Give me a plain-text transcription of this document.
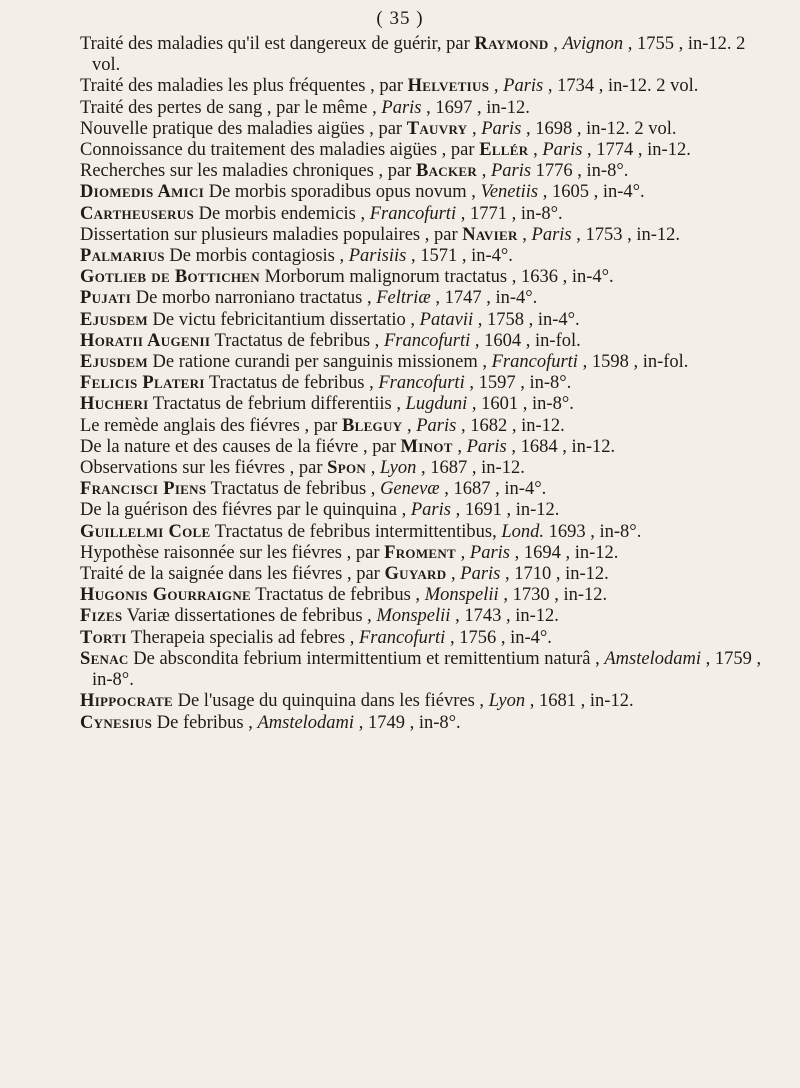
( 35 )
Traité des maladies qu'il est dangereux de guérir, par Raymond , Avignon , 1755 , in-12. 2 vol.
Traité des maladies les plus fréquentes , par Helvetius , Paris , 1734 , in-12. 2 vol.
Traité des pertes de sang , par le même , Paris , 1697 , in-12.
Nouvelle pratique des maladies aigües , par Tauvry , Paris , 1698 , in-12. 2 vol.
Connoissance du traitement des maladies aigües , par Ellér , Paris , 1774 , in-12.
Recherches sur les maladies chroniques , par Backer , Paris 1776 , in-8°.
Diomedis Amici De morbis sporadibus opus novum , Venetiis , 1605 , in-4°.
Cartheuserus De morbis endemicis , Francofurti , 1771 , in-8°.
Dissertation sur plusieurs maladies populaires , par Navier , Paris , 1753 , in-12.
Palmarius De morbis contagiosis , Parisiis , 1571 , in-4°.
Gotlieb de Bottichen Morborum malignorum tractatus , 1636 , in-4°.
Pujati De morbo narroniano tractatus , Feltriæ , 1747 , in-4°.
Ejusdem De victu febricitantium dissertatio , Patavii , 1758 , in-4°.
Horatii Augenii Tractatus de febribus , Francofurti , 1604 , in-fol.
Ejusdem De ratione curandi per sanguinis missionem , Francofurti , 1598 , in-fol.
Felicis Plateri Tractatus de febribus , Francofurti , 1597 , in-8°.
Hucheri Tractatus de febrium differentiis , Lugduni , 1601 , in-8°.
Le remède anglais des fiévres , par Bleguy , Paris , 1682 , in-12.
De la nature et des causes de la fiévre , par Minot , Paris , 1684 , in-12.
Observations sur les fiévres , par Spon , Lyon , 1687 , in-12.
Francisci Piens Tractatus de febribus , Genevæ , 1687 , in-4°.
De la guérison des fiévres par le quinquina , Paris , 1691 , in-12.
Guillelmi Cole Tractatus de febribus intermittentibus, Lond. 1693 , in-8°.
Hypothèse raisonnée sur les fiévres , par Froment , Paris , 1694 , in-12.
Traité de la saignée dans les fiévres , par Guyard , Paris , 1710 , in-12.
Hugonis Gourraigne Tractatus de febribus , Monspelii , 1730 , in-12.
Fizes Variæ dissertationes de febribus , Monspelii , 1743 , in-12.
Torti Therapeia specialis ad febres , Francofurti , 1756 , in-4°.
Senac De abscondita febrium intermittentium et remittentium naturâ , Amstelodami , 1759 , in-8°.
Hippocrate De l'usage du quinquina dans les fiévres , Lyon , 1681 , in-12.
Cynesius De febribus , Amstelodami , 1749 , in-8°.
